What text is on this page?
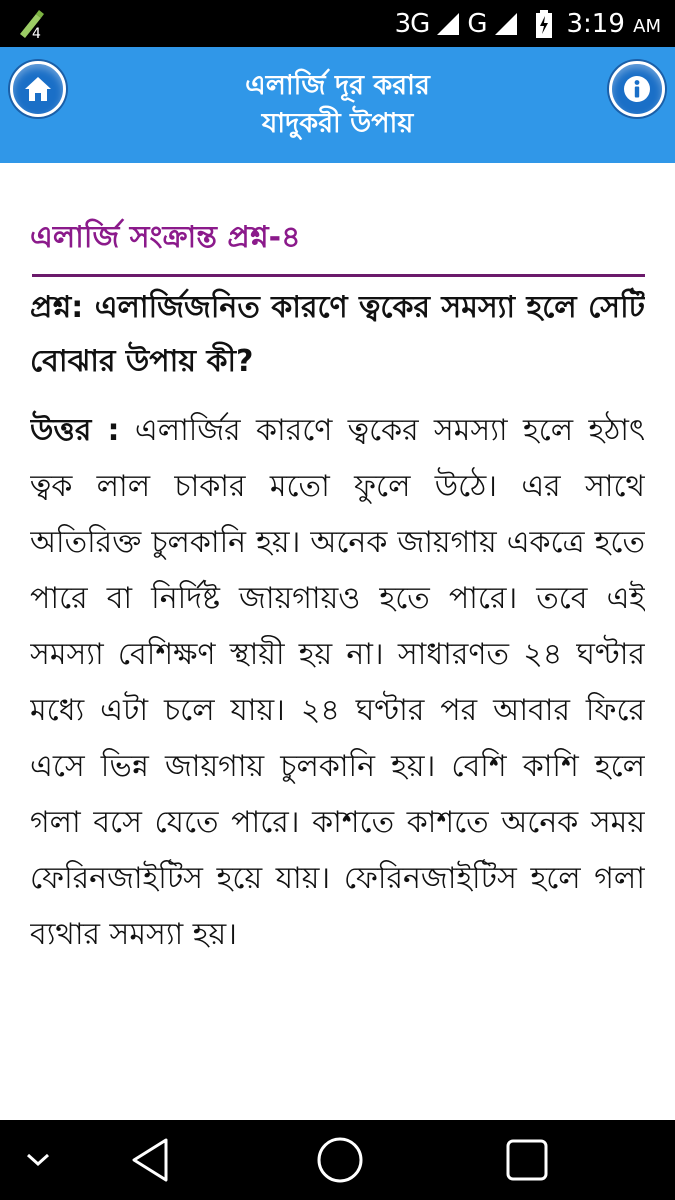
4	3G G	3:19 AM
এলার্জি দূর করার
যাদুকরী উপায়
এলার্জি সংক্রান্ত প্রশ্ন-৪
প্রশ্ন: এলার্জিজনিত কারণে ত্বকের সমস্যা হলে সেটি বোঝার উপায় কী?
উত্তর : এলার্জির কারণে ত্বকের সমস্যা হলে হঠাৎ ত্বক লাল চাকার মতো ফুলে উঠে। এর সাথে অতিরিক্ত চুলকানি হয়। অনেক জায়গায় একত্রে হতে পারে বা নির্দিষ্ট জায়গায়ও হতে পারে। তবে এই সমস্যা বেশিক্ষণ স্থায়ী হয় না। সাধারণত ২৪ ঘণ্টার মধ্যে এটা চলে যায়। ২৪ ঘণ্টার পর আবার ফিরে এসে ভিন্ন জায়গায় চুলকানি হয়। বেশি কাশি হলে গলা বসে যেতে পারে। কাশতে কাশতে অনেক সময় ফেরিনজাইটিস হয়ে যায়। ফেরিনজাইটিস হলে গলা ব্যথার সমস্যা হয়।
